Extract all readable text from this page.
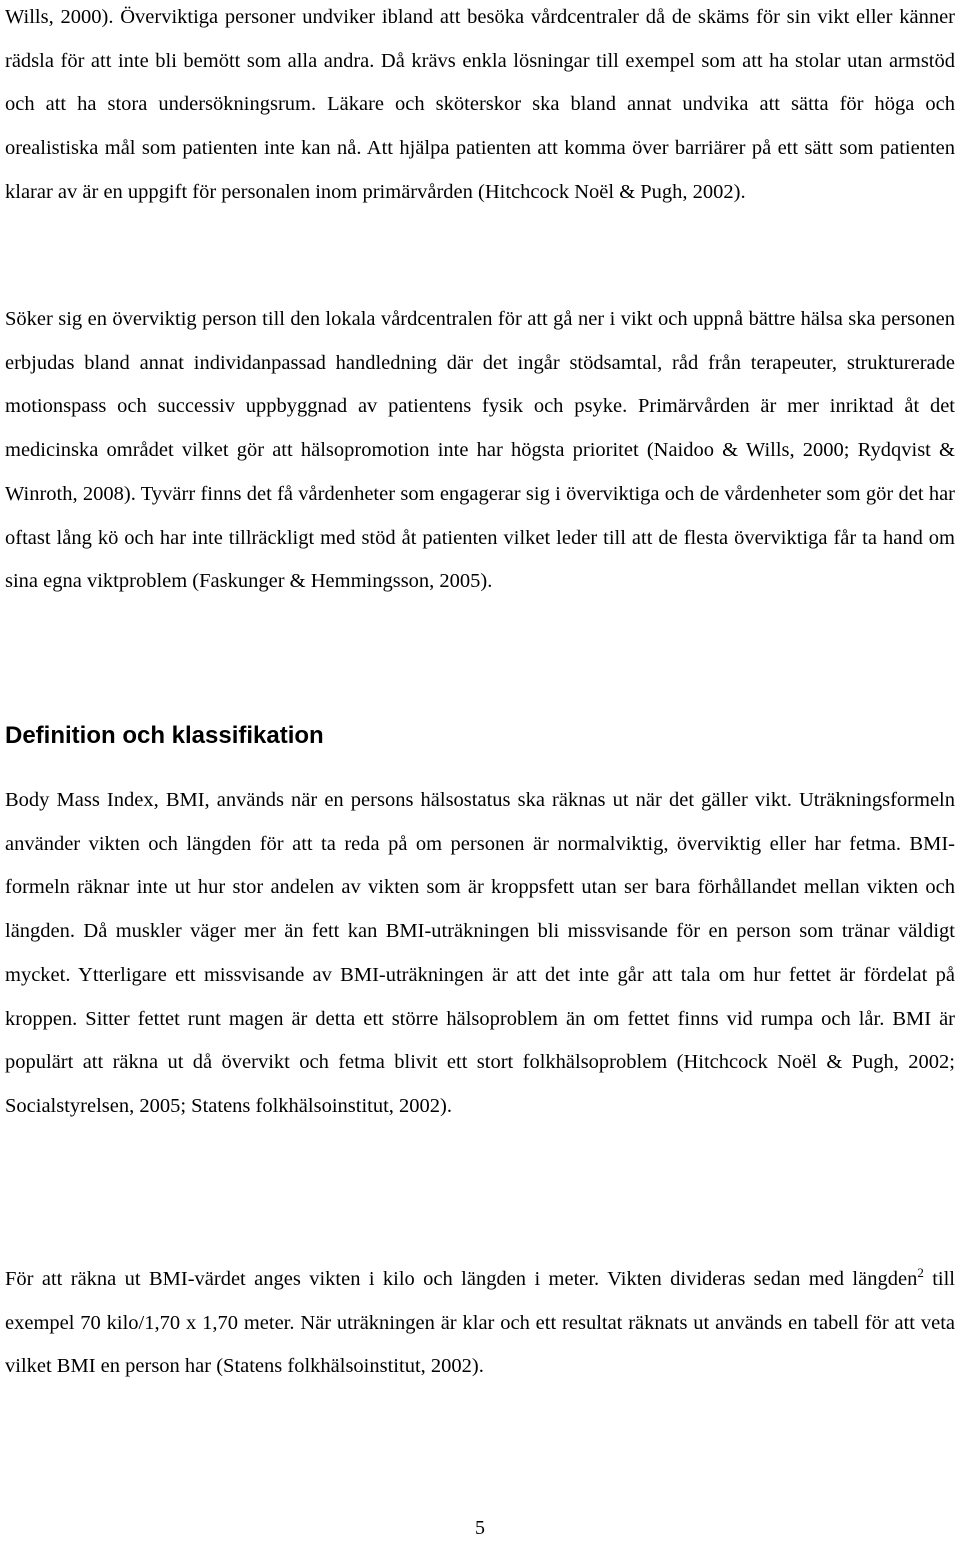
Wills, 2000). Överviktiga personer undviker ibland att besöka vårdcentraler då de skäms för sin vikt eller känner rädsla för att inte bli bemött som alla andra. Då krävs enkla lösningar till exempel som att ha stolar utan armstöd och att ha stora undersökningsrum. Läkare och sköterskor ska bland annat undvika att sätta för höga och orealistiska mål som patienten inte kan nå. Att hjälpa patienten att komma över barriärer på ett sätt som patienten klarar av är en uppgift för personalen inom primärvården (Hitchcock Noël & Pugh, 2002).

Söker sig en överviktig person till den lokala vårdcentralen för att gå ner i vikt och uppnå bättre hälsa ska personen erbjudas bland annat individanpassad handledning där det ingår stödsamtal, råd från terapeuter, strukturerade motionspass och successiv uppbyggnad av patientens fysik och psyke. Primärvården är mer inriktad åt det medicinska området vilket gör att hälsopromotion inte har högsta prioritet (Naidoo & Wills, 2000; Rydqvist & Winroth, 2008). Tyvärr finns det få vårdenheter som engagerar sig i överviktiga och de vårdenheter som gör det har oftast lång kö och har inte tillräckligt med stöd åt patienten vilket leder till att de flesta överviktiga får ta hand om sina egna viktproblem (Faskunger & Hemmingsson, 2005).

Definition och klassifikation

Body Mass Index, BMI, används när en persons hälsostatus ska räknas ut när det gäller vikt. Uträkningsformeln använder vikten och längden för att ta reda på om personen är normalviktig, överviktig eller har fetma. BMI-formeln räknar inte ut hur stor andelen av vikten som är kroppsfett utan ser bara förhållandet mellan vikten och längden. Då muskler väger mer än fett kan BMI-uträkningen bli missvisande för en person som tränar väldigt mycket. Ytterligare ett missvisande av BMI-uträkningen är att det inte går att tala om hur fettet är fördelat på kroppen. Sitter fettet runt magen är detta ett större hälsoproblem än om fettet finns vid rumpa och lår. BMI är populärt att räkna ut då övervikt och fetma blivit ett stort folkhälsoproblem (Hitchcock Noël & Pugh, 2002; Socialstyrelsen, 2005; Statens folkhälsoinstitut, 2002).

För att räkna ut BMI-värdet anges vikten i kilo och längden i meter. Vikten divideras sedan med längden$^2$ till exempel 70 kilo/1,70 x 1,70 meter. När uträkningen är klar och ett resultat räknats ut används en tabell för att veta vilket BMI en person har (Statens folkhälsoinstitut, 2002).

5
